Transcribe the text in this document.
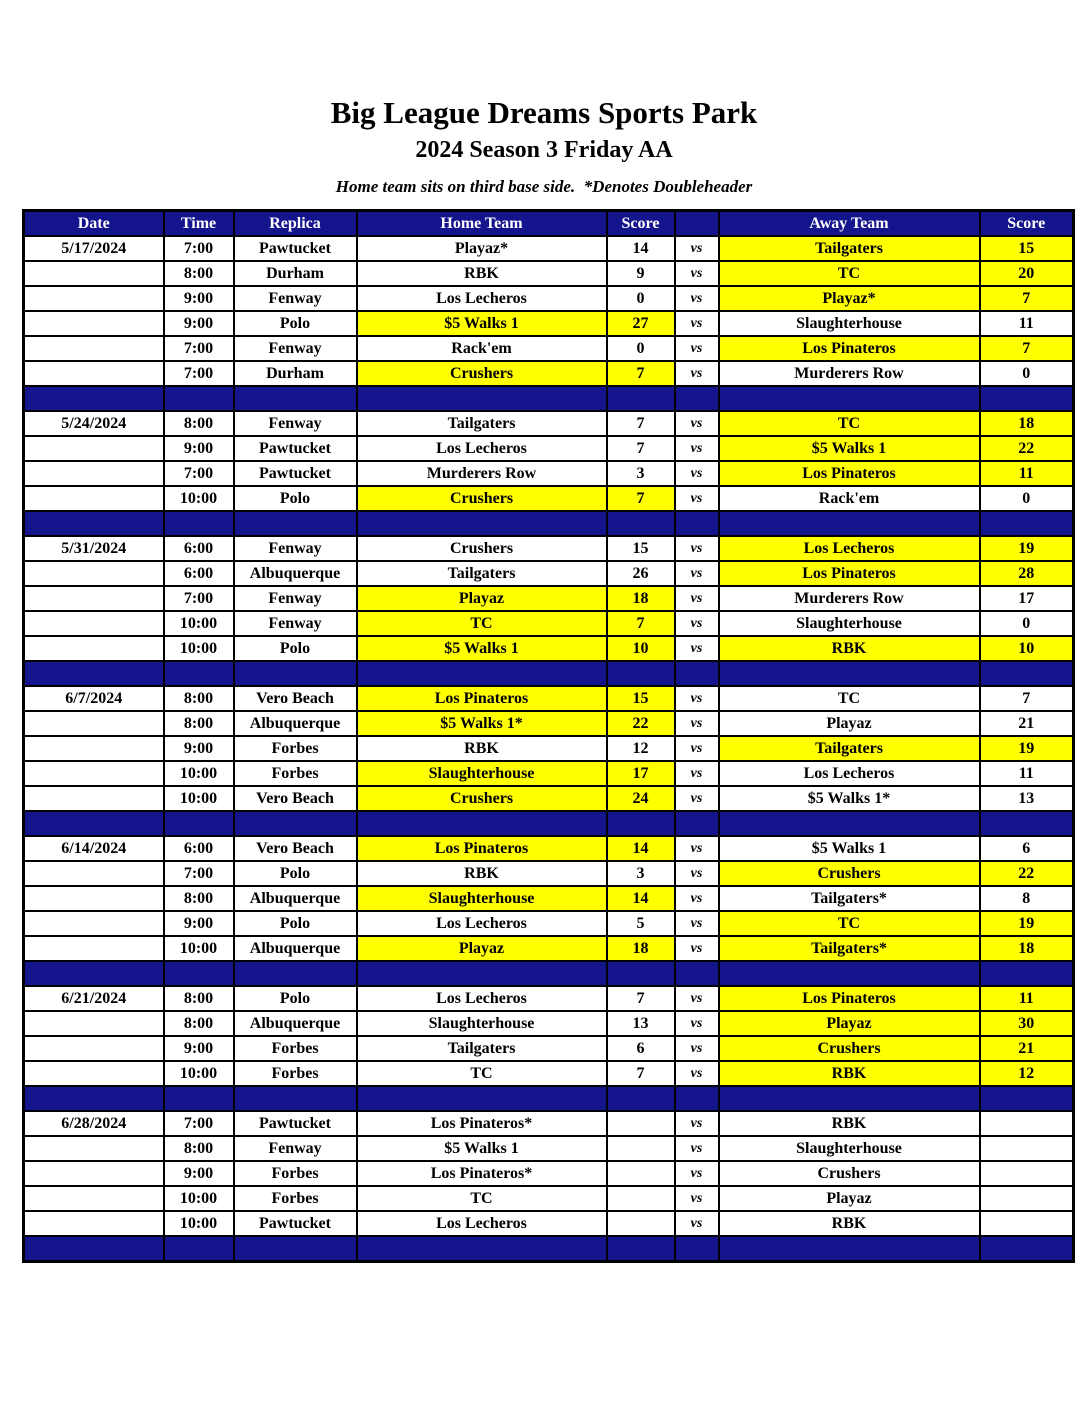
Big League Dreams Sports Park
2024 Season 3 Friday AA
Home team sits on third base side.  *Denotes Doubleheader
Date	Time	Replica	Home Team	Score		Away Team	Score
5/17/2024	7:00	Pawtucket	Playaz*	14	vs	Tailgaters	15
	8:00	Durham	RBK	9	vs	TC	20
	9:00	Fenway	Los Lecheros	0	vs	Playaz*	7
	9:00	Polo	$5 Walks 1	27	vs	Slaughterhouse	11
	7:00	Fenway	Rack'em	0	vs	Los Pinateros	7
	7:00	Durham	Crushers	7	vs	Murderers Row	0

5/24/2024	8:00	Fenway	Tailgaters	7	vs	TC	18
	9:00	Pawtucket	Los Lecheros	7	vs	$5 Walks 1	22
	7:00	Pawtucket	Murderers Row	3	vs	Los Pinateros	11
	10:00	Polo	Crushers	7	vs	Rack'em	0

5/31/2024	6:00	Fenway	Crushers	15	vs	Los Lecheros	19
	6:00	Albuquerque	Tailgaters	26	vs	Los Pinateros	28
	7:00	Fenway	Playaz	18	vs	Murderers Row	17
	10:00	Fenway	TC	7	vs	Slaughterhouse	0
	10:00	Polo	$5 Walks 1	10	vs	RBK	10

6/7/2024	8:00	Vero Beach	Los Pinateros	15	vs	TC	7
	8:00	Albuquerque	$5 Walks 1*	22	vs	Playaz	21
	9:00	Forbes	RBK	12	vs	Tailgaters	19
	10:00	Forbes	Slaughterhouse	17	vs	Los Lecheros	11
	10:00	Vero Beach	Crushers	24	vs	$5 Walks 1*	13

6/14/2024	6:00	Vero Beach	Los Pinateros	14	vs	$5 Walks 1	6
	7:00	Polo	RBK	3	vs	Crushers	22
	8:00	Albuquerque	Slaughterhouse	14	vs	Tailgaters*	8
	9:00	Polo	Los Lecheros	5	vs	TC	19
	10:00	Albuquerque	Playaz	18	vs	Tailgaters*	18

6/21/2024	8:00	Polo	Los Lecheros	7	vs	Los Pinateros	11
	8:00	Albuquerque	Slaughterhouse	13	vs	Playaz	30
	9:00	Forbes	Tailgaters	6	vs	Crushers	21
	10:00	Forbes	TC	7	vs	RBK	12

6/28/2024	7:00	Pawtucket	Los Pinateros*		vs	RBK	
	8:00	Fenway	$5 Walks 1		vs	Slaughterhouse	
	9:00	Forbes	Los Pinateros*		vs	Crushers	
	10:00	Forbes	TC		vs	Playaz	
	10:00	Pawtucket	Los Lecheros		vs	RBK	
